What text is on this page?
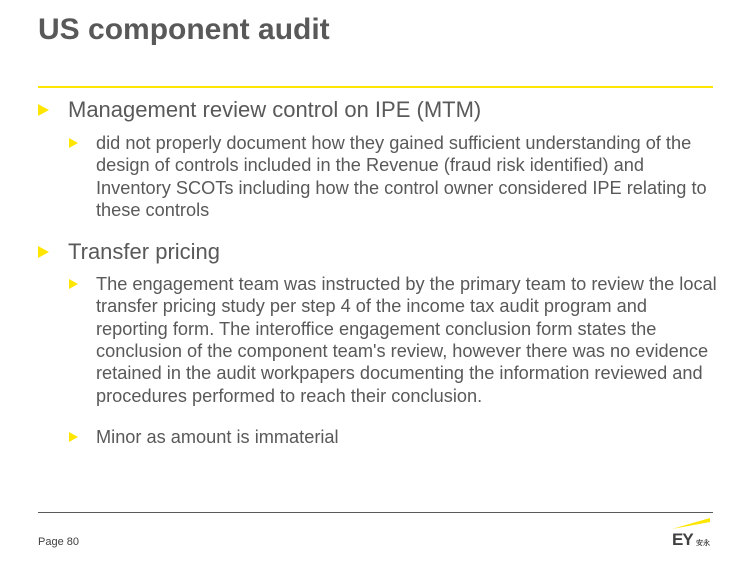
US component audit
Management review control on IPE (MTM)
did not properly document how they gained sufficient understanding of the design of controls included in the Revenue (fraud risk identified) and Inventory SCOTs including how the control owner considered IPE relating to these controls
Transfer pricing
The engagement team was instructed by the primary team to review the local transfer pricing study per step 4 of the income tax audit program and reporting form. The interoffice engagement conclusion form states the conclusion of the component team's review, however there was no evidence retained in the audit workpapers documenting the information reviewed and procedures performed to reach their conclusion.
Minor as amount is immaterial
Page 80	EY 安永
